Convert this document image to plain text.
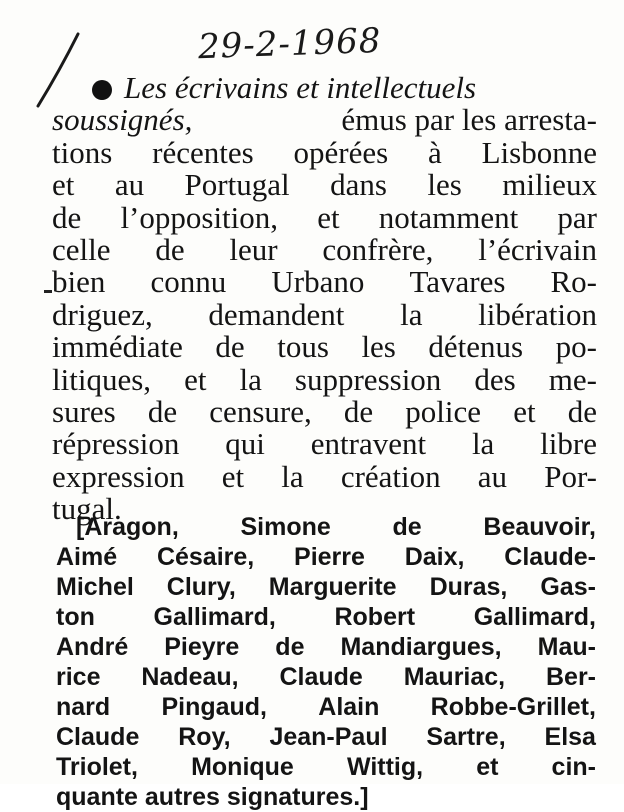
29-2-1968
Les écrivains et intellectuels
soussignés,	émus par les arresta-
tions récentes opérées à Lisbonne
et au Portugal dans les milieux
de l’opposition, et notamment par
celle de leur confrère, l’écrivain
bien connu Urbano Tavares Ro-
driguez, demandent la libération
immédiate de tous les détenus po-
litiques, et la suppression des me-
sures de censure, de police et de
répression qui entravent la libre
expression et la création au Por-
tugal.
[Aragon, Simone de Beauvoir,
Aimé Césaire, Pierre Daix, Claude-
Michel Clury, Marguerite Duras, Gas-
ton Gallimard, Robert Gallimard,
André Pieyre de Mandiargues, Mau-
rice Nadeau, Claude Mauriac, Ber-
nard Pingaud, Alain Robbe-Grillet,
Claude Roy, Jean-Paul Sartre, Elsa
Triolet, Monique Wittig, et cin-
quante autres signatures.]
